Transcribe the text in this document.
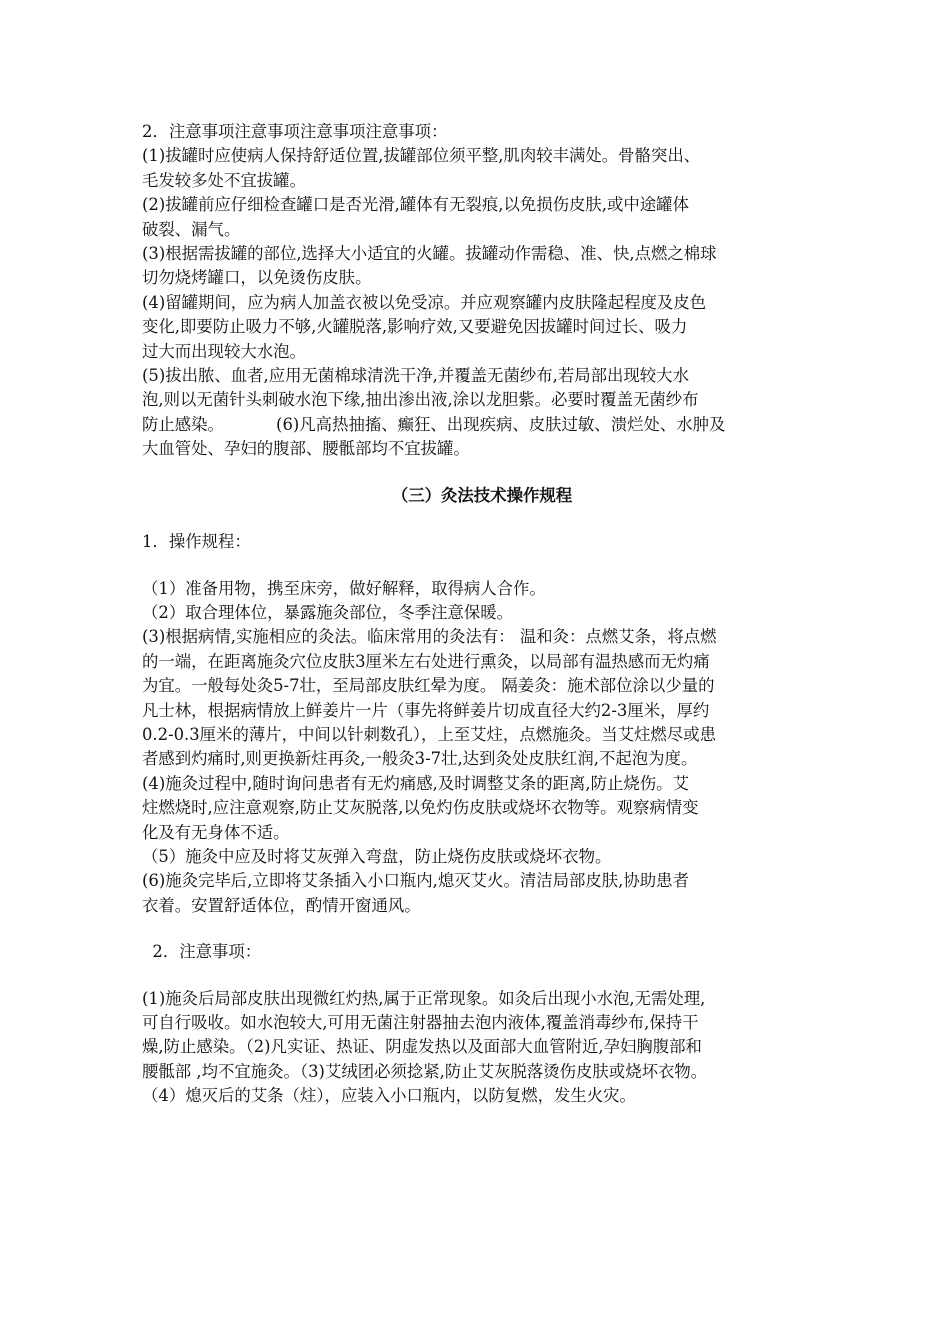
2．注意事项注意事项注意事项注意事项：
(1)拔罐时应使病人保持舒适位置,拔罐部位须平整,肌肉较丰满处。骨骼突出、
毛发较多处不宜拔罐。
(2)拔罐前应仔细检查罐口是否光滑,罐体有无裂痕,以免损伤皮肤,或中途罐体
破裂、漏气。
(3)根据需拔罐的部位,选择大小适宜的火罐。拔罐动作需稳、准、快,点燃之棉球
切勿烧烤罐口，以免烫伤皮肤。
(4)留罐期间，应为病人加盖衣被以免受凉。并应观察罐内皮肤隆起程度及皮色
变化,即要防止吸力不够,火罐脱落,影响疗效,又要避免因拔罐时间过长、吸力
过大而出现较大水泡。
(5)拔出脓、血者,应用无菌棉球清洗干净,并覆盖无菌纱布,若局部出现较大水
泡,则以无菌针头刺破水泡下缘,抽出渗出液,涂以龙胆紫。必要时覆盖无菌纱布
防止感染。          (6)凡高热抽搐、癫狂、出现疾病、皮肤过敏、溃烂处、水肿及
大血管处、孕妇的腹部、腰骶部均不宜拔罐。
（三）灸法技术操作规程
1．操作规程：
（1）准备用物，携至床旁，做好解释，取得病人合作。
（2）取合理体位，暴露施灸部位，冬季注意保暖。
(3)根据病情,实施相应的灸法。临床常用的灸法有： 温和灸：点燃艾条，将点燃
的一端，在距离施灸穴位皮肤3厘米左右处进行熏灸，以局部有温热感而无灼痛
为宜。一般每处灸5-7壮，至局部皮肤红晕为度。 隔姜灸：施术部位涂以少量的
凡士林，根据病情放上鲜姜片一片（事先将鲜姜片切成直径大约2-3厘米，厚约
0.2-0.3厘米的薄片，中间以针刺数孔），上至艾炷，点燃施灸。当艾炷燃尽或患
者感到灼痛时,则更换新炷再灸,一般灸3-7壮,达到灸处皮肤红润,不起泡为度。
(4)施灸过程中,随时询问患者有无灼痛感,及时调整艾条的距离,防止烧伤。艾
炷燃烧时,应注意观察,防止艾灰脱落,以免灼伤皮肤或烧坏衣物等。观察病情变
化及有无身体不适。
（5）施灸中应及时将艾灰弹入弯盘，防止烧伤皮肤或烧坏衣物。
(6)施灸完毕后,立即将艾条插入小口瓶内,熄灭艾火。清洁局部皮肤,协助患者
衣着。安置舒适体位，酌情开窗通风。
2．注意事项：
(1)施灸后局部皮肤出现微红灼热,属于正常现象。如灸后出现小水泡,无需处理,
可自行吸收。如水泡较大,可用无菌注射器抽去泡内液体,覆盖消毒纱布,保持干
燥,防止感染。（2)凡实证、热证、阴虚发热以及面部大血管附近,孕妇胸腹部和
腰骶部 ,均不宜施灸。（3)艾绒团必须捻紧,防止艾灰脱落烫伤皮肤或烧坏衣物。
（4）熄灭后的艾条（炷），应装入小口瓶内，以防复燃，发生火灾。
